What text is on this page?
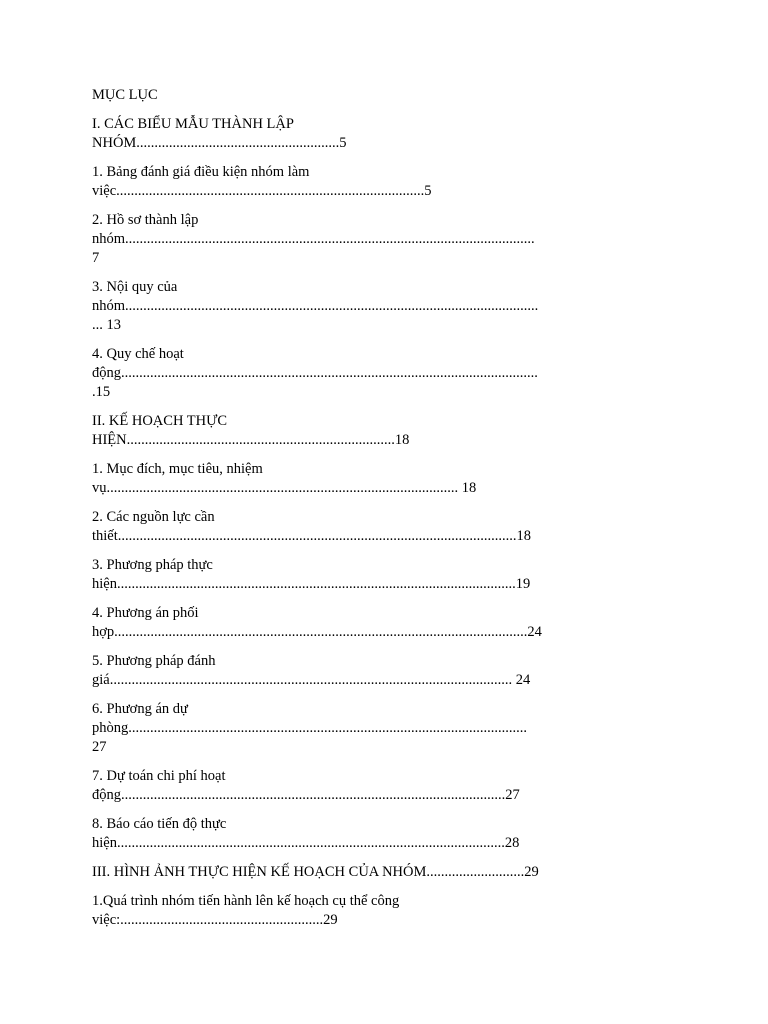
MỤC LỤC
I. CÁC BIỂU MẪU THÀNH LẬP
NHÓM........................................................5
1. Bảng đánh giá điều kiện nhóm làm
việc.....................................................................................5
2. Hồ sơ thành lập
nhóm.................................................................................................................
7
3. Nội quy của
nhóm..................................................................................................................
... 13
4. Quy chế hoạt
động...................................................................................................................
.15
II. KẾ HOẠCH THỰC
HIỆN..........................................................................18
1. Mục đích, mục tiêu, nhiệm
vụ................................................................................................. 18
2. Các nguồn lực cần
thiết..............................................................................................................18
3. Phương pháp thực
hiện..............................................................................................................19
4. Phương án phối
hợp..................................................................................................................24
5. Phương pháp đánh
giá............................................................................................................... 24
6. Phương án dự
phòng..............................................................................................................
27
7. Dự toán chi phí hoạt
động..........................................................................................................27
8. Báo cáo tiến độ thực
hiện...........................................................................................................28
III. HÌNH ẢNH THỰC HIỆN KẾ HOẠCH CỦA NHÓM...........................29
1.Quá trình nhóm tiến hành lên kế hoạch cụ thể công
việc:........................................................29
